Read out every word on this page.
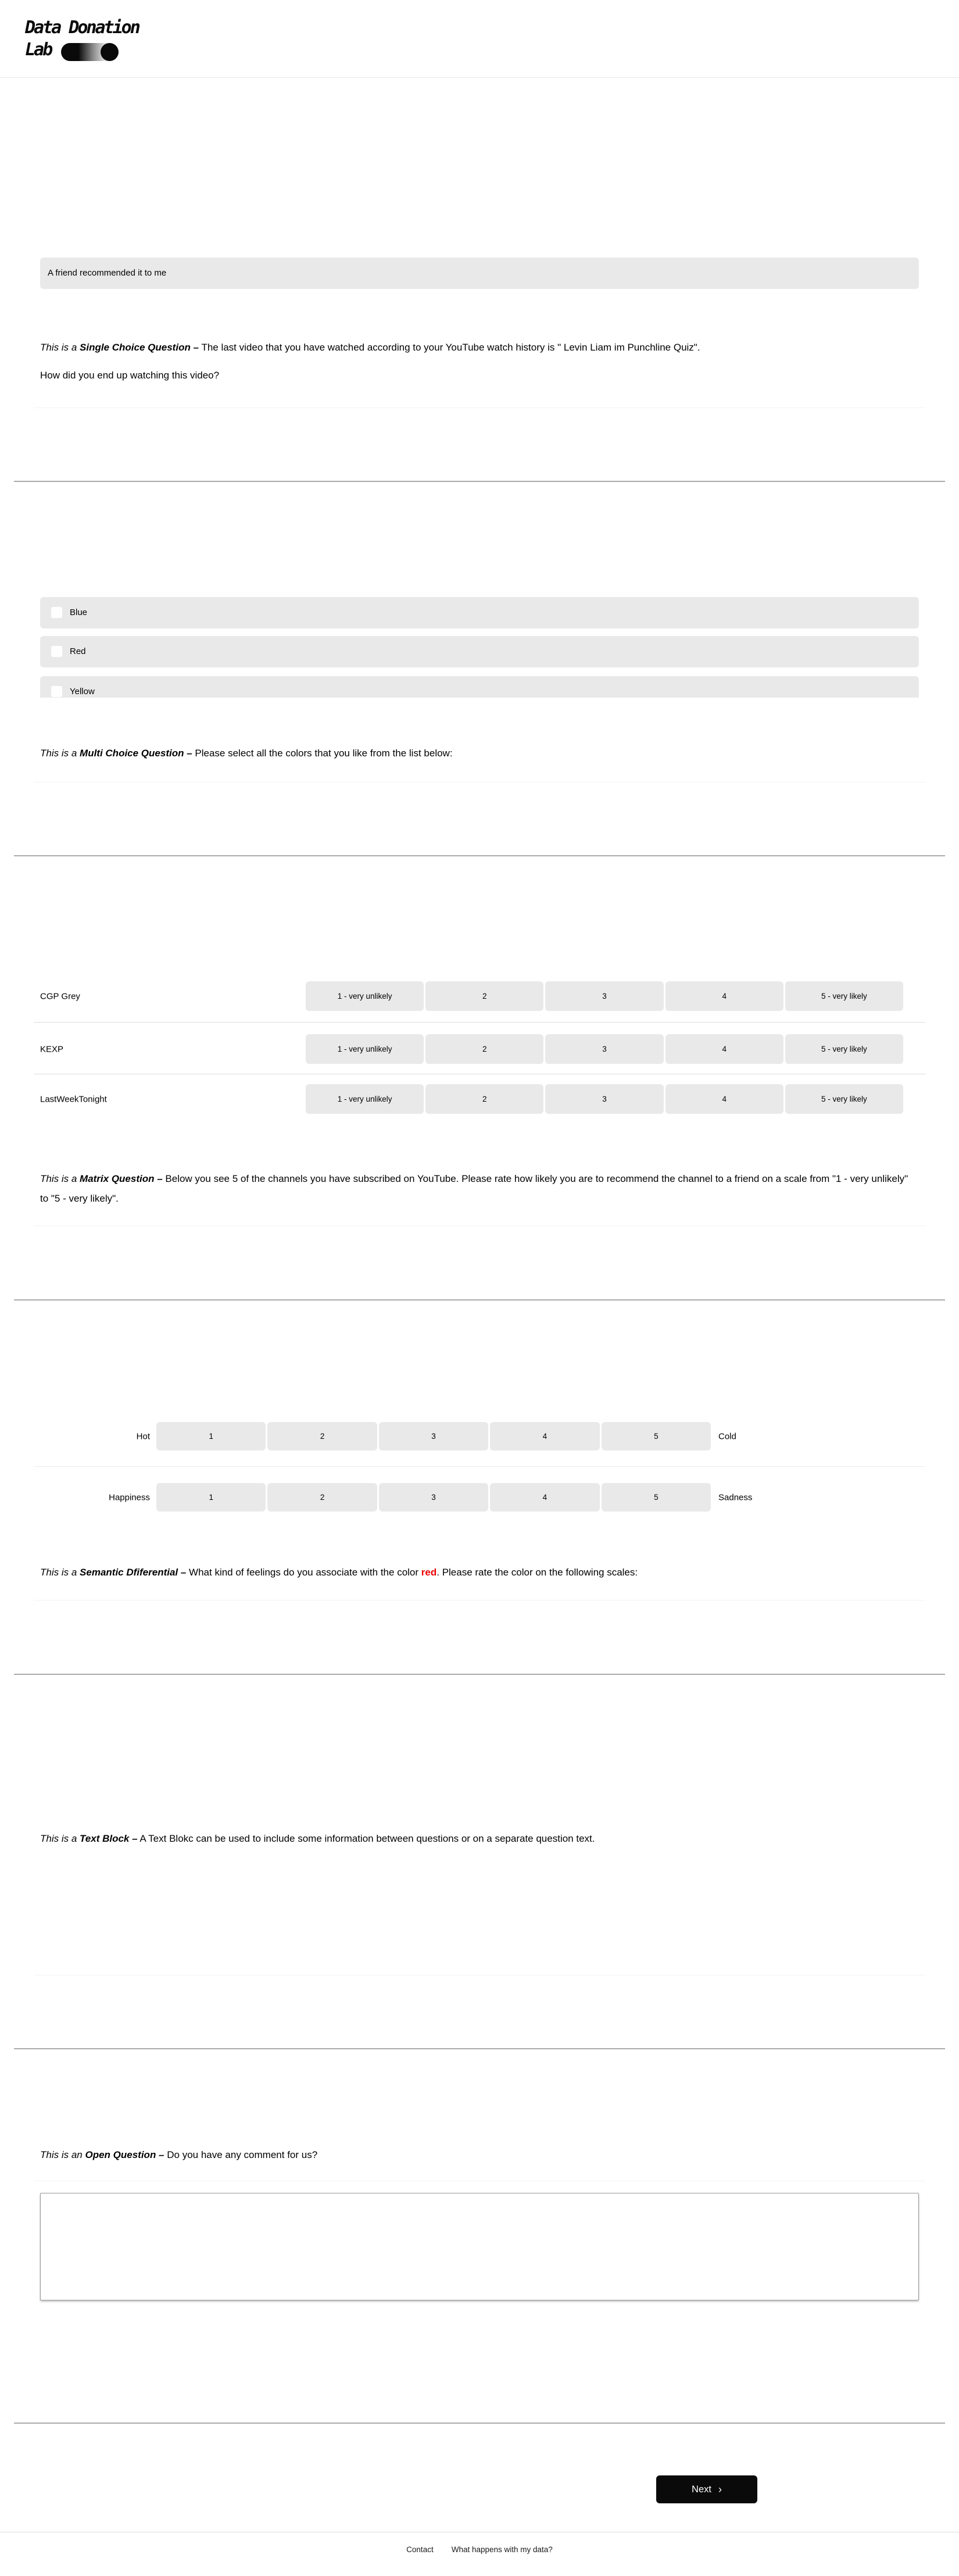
Data Donation
Lab
A friend recommended it to me
This is a Single Choice Question – The last video that you have watched according to your YouTube watch history is " Levin Liam im Punchline Quiz".
How did you end up watching this video?
Blue
Red
Yellow
This is a Multi Choice Question – Please select all the colors that you like from the list below:
CGP Grey	1 - very unlikely	2	3	4	5 - very likely
KEXP	1 - very unlikely	2	3	4	5 - very likely
LastWeekTonight	1 - very unlikely	2	3	4	5 - very likely
This is a Matrix Question – Below you see 5 of the channels you have subscribed on YouTube. Please rate how likely you are to recommend the channel to a friend on a scale from "1 - very unlikely" to "5 - very likely".
Hot	1	2	3	4	5	Cold
Happiness	1	2	3	4	5	Sadness
This is a Semantic Dfiferential – What kind of feelings do you associate with the color red. Please rate the color on the following scales:
This is a Text Block – A Text Blokc can be used to include some information between questions or on a separate question text.
This is an Open Question – Do you have any comment for us?
Next ›
Contact What happens with my data?
